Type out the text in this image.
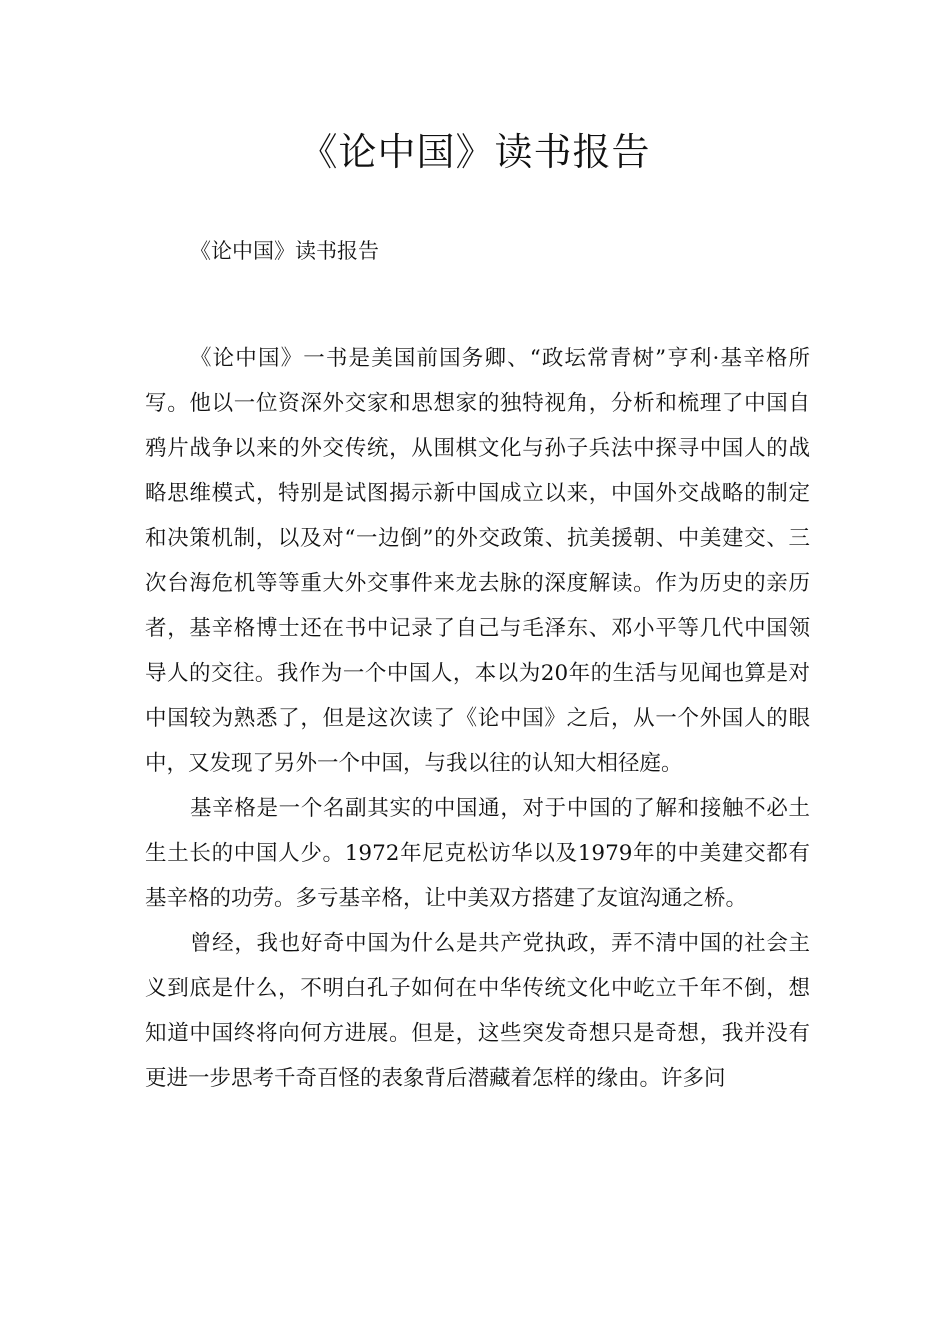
《论中国》读书报告

《论中国》读书报告

《论中国》一书是美国前国务卿、“政坛常青树”亨利·基辛格所写。他以一位资深外交家和思想家的独特视角，分析和梳理了中国自鸦片战争以来的外交传统，从围棋文化与孙子兵法中探寻中国人的战略思维模式，特别是试图揭示新中国成立以来，中国外交战略的制定和决策机制，以及对“一边倒”的外交政策、抗美援朝、中美建交、三次台海危机等等重大外交事件来龙去脉的深度解读。作为历史的亲历者，基辛格博士还在书中记录了自己与毛泽东、邓小平等几代中国领导人的交往。我作为一个中国人，本以为20年的生活与见闻也算是对中国较为熟悉了，但是这次读了《论中国》之后，从一个外国人的眼中，又发现了另外一个中国，与我以往的认知大相径庭。

基辛格是一个名副其实的中国通，对于中国的了解和接触不必土生土长的中国人少。1972年尼克松访华以及1979年的中美建交都有基辛格的功劳。多亏基辛格，让中美双方搭建了友谊沟通之桥。

曾经，我也好奇中国为什么是共产党执政，弄不清中国的社会主义到底是什么，不明白孔子如何在中华传统文化中屹立千年不倒，想知道中国终将向何方进展。但是，这些突发奇想只是奇想，我并没有更进一步思考千奇百怪的表象背后潜藏着怎样的缘由。许多问
